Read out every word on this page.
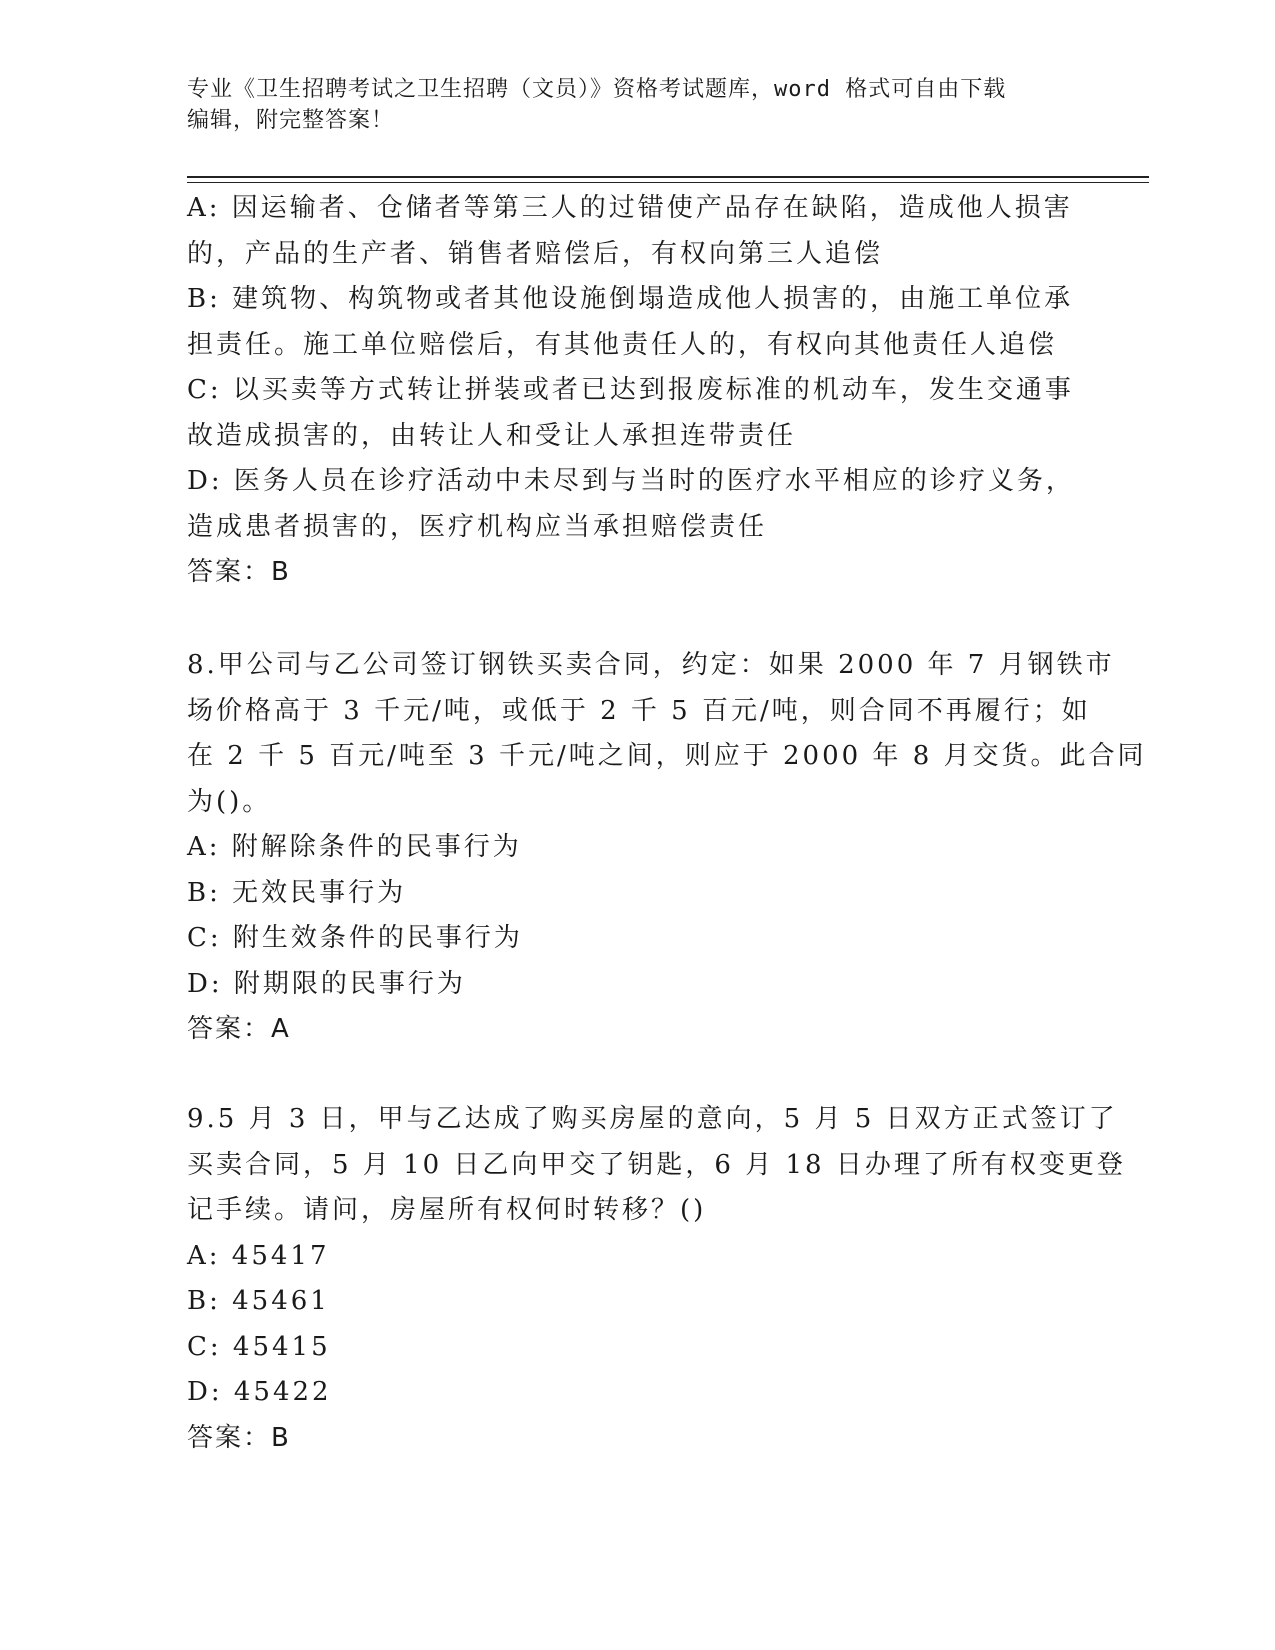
专业《卫生招聘考试之卫生招聘（文员）》资格考试题库，word 格式可自由下载
编辑，附完整答案！
A: 因运输者、仓储者等第三人的过错使产品存在缺陷，造成他人损害
的，产品的生产者、销售者赔偿后，有权向第三人追偿
B: 建筑物、构筑物或者其他设施倒塌造成他人损害的，由施工单位承
担责任。施工单位赔偿后，有其他责任人的，有权向其他责任人追偿
C: 以买卖等方式转让拼装或者已达到报废标准的机动车，发生交通事
故造成损害的，由转让人和受让人承担连带责任
D: 医务人员在诊疗活动中未尽到与当时的医疗水平相应的诊疗义务，
造成患者损害的，医疗机构应当承担赔偿责任
答案：B
8.甲公司与乙公司签订钢铁买卖合同，约定：如果 2000 年 7 月钢铁市
场价格高于 3 千元/吨，或低于 2 千 5 百元/吨，则合同不再履行；如
在 2 千 5 百元/吨至 3 千元/吨之间，则应于 2000 年 8 月交货。此合同
为()。
A: 附解除条件的民事行为
B: 无效民事行为
C: 附生效条件的民事行为
D: 附期限的民事行为
答案：A
9.5 月 3 日，甲与乙达成了购买房屋的意向，5 月 5 日双方正式签订了
买卖合同，5 月 10 日乙向甲交了钥匙，6 月 18 日办理了所有权变更登
记手续。请问，房屋所有权何时转移？()
A: 45417
B: 45461
C: 45415
D: 45422
答案：B
